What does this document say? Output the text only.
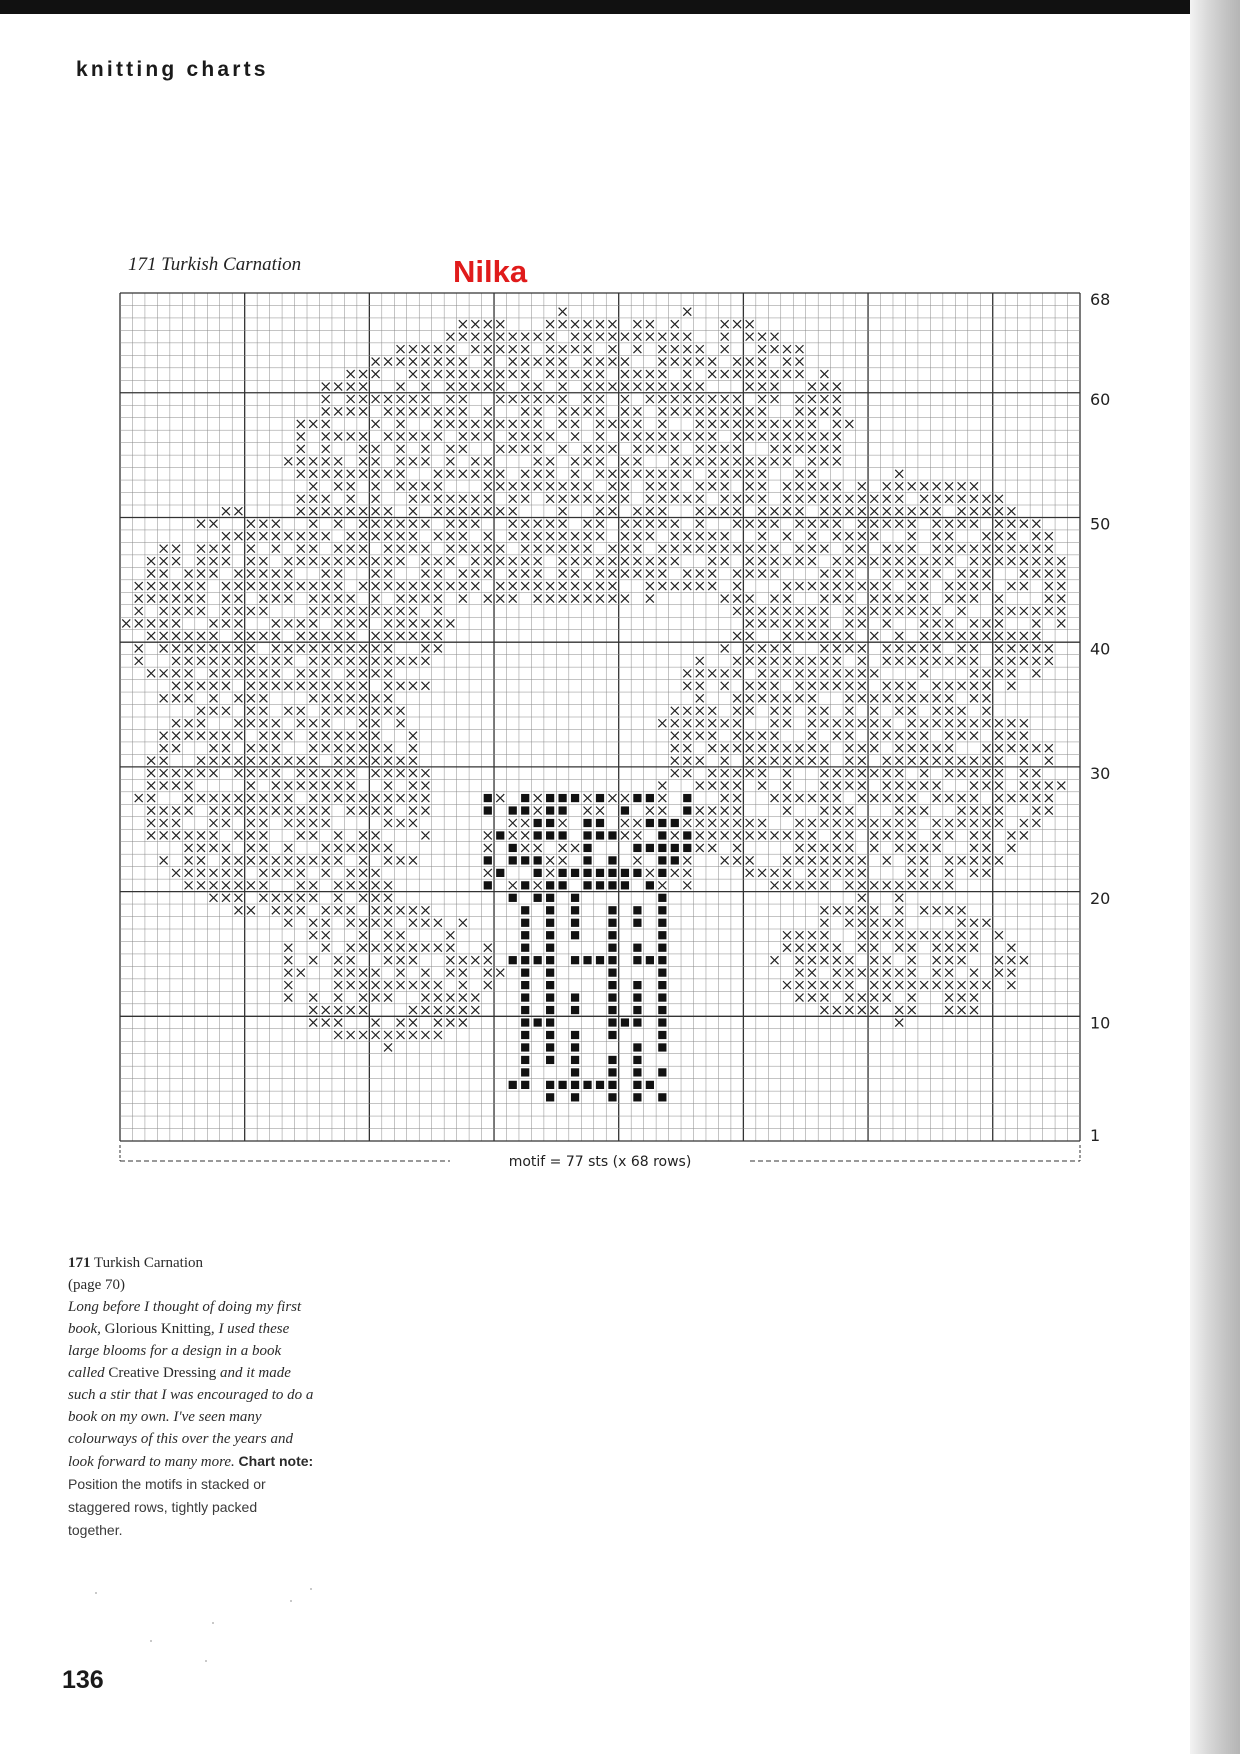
knitting charts
171 Turkish Carnation	Nilka
68
60
50
40
30
20
10
1
motif = 77 sts (x 68 rows)
171 Turkish Carnation
(page 70)
Long before I thought of doing my first book, Glorious Knitting, I used these large blooms for a design in a book called Creative Dressing and it made such a stir that I was encouraged to do a book on my own. I've seen many colourways of this over the years and look forward to many more. Chart note: Position the motifs in stacked or staggered rows, tightly packed together.
136
